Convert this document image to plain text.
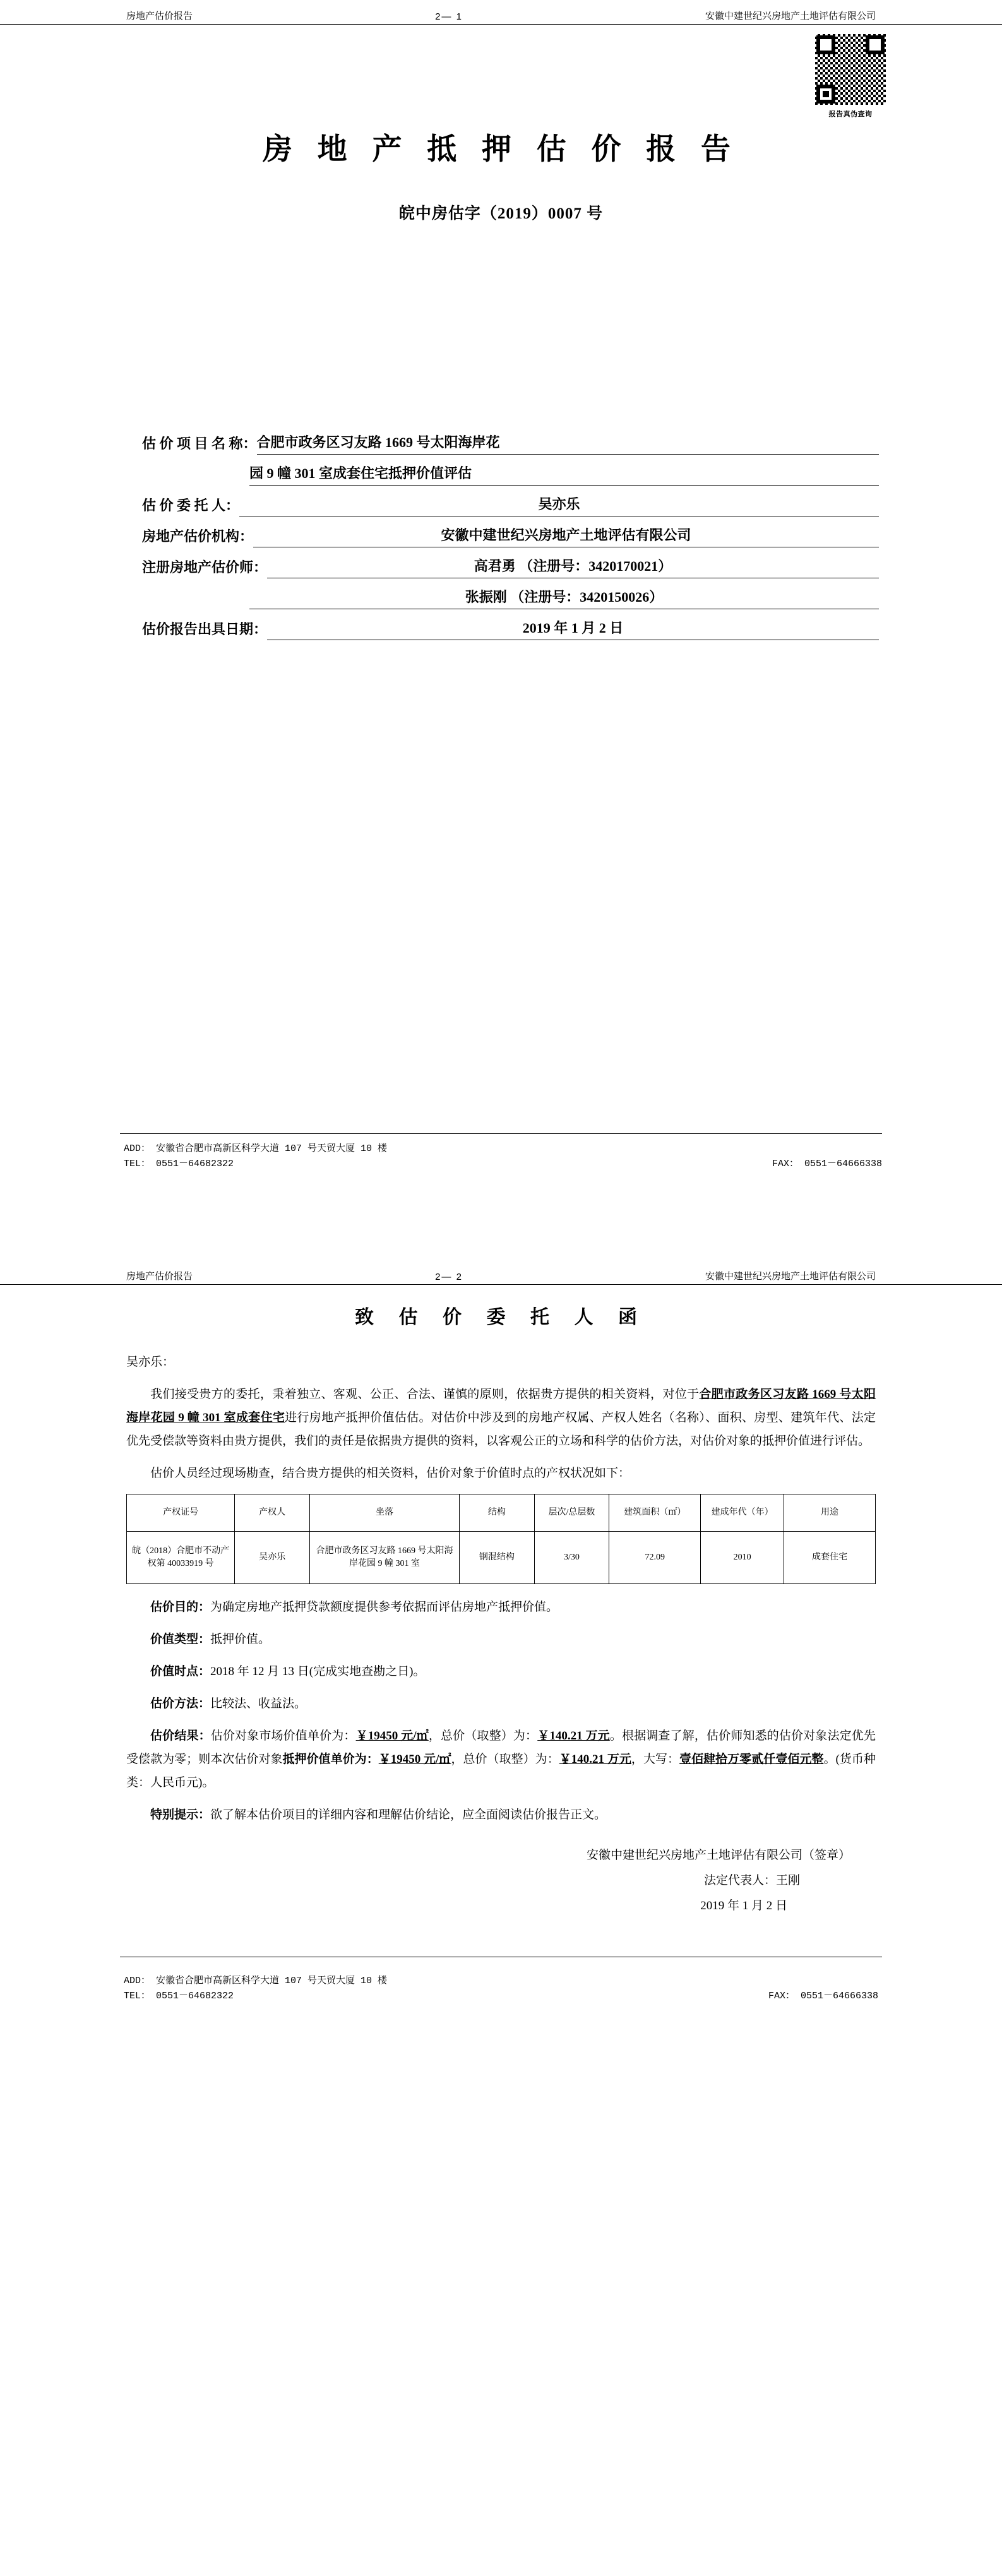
房地产估价报告	2— 1	安徽中建世纪兴房地产土地评估有限公司
报告真伪查询
房 地 产 抵 押 估 价 报 告
皖中房估字（2019）0007 号
估 价 项 目 名 称： 合肥市政务区习友路 1669 号太阳海岸花
园 9 幢 301 室成套住宅抵押价值评估
估 价 委 托 人：	吴亦乐
房地产估价机构：	安徽中建世纪兴房地产土地评估有限公司
注册房地产估价师：	高君勇 （注册号：3420170021）
张振刚 （注册号：3420150026）
估价报告出具日期：	2019 年 1 月 2 日
ADD： 安徽省合肥市高新区科学大道 107 号天贸大厦 10 楼
TEL： 0551－64682322	FAX： 0551－64666338
房地产估价报告	2— 2	安徽中建世纪兴房地产土地评估有限公司
致 估 价 委 托 人 函

吴亦乐：

我们接受贵方的委托，秉着独立、客观、公正、合法、谨慎的原则，依据贵方提供的相关资料，对位于合肥市政务区习友路 1669 号太阳海岸花园 9 幢 301 室成套住宅进行房地产抵押价值估估。对估价中涉及到的房地产权属、产权人姓名（名称）、面积、房型、建筑年代、法定优先受偿款等资料由贵方提供，我们的责任是依据贵方提供的资料，以客观公正的立场和科学的估价方法，对估价对象的抵押价值进行评估。

估价人员经过现场勘查，结合贵方提供的相关资料，估价对象于价值时点的产权状况如下：

产权证号	产权人	坐落	结构	层次/总层数	建筑面积（㎡）	建成年代（年）	用途
皖（2018）合肥市不动产权第 40033919 号	吴亦乐	合肥市政务区习友路 1669 号太阳海岸花园 9 幢 301 室	钢混结构	3/30	72.09	2010	成套住宅

估价目的：为确定房地产抵押贷款额度提供参考依据而评估房地产抵押价值。

价值类型：抵押价值。

价值时点：2018 年 12 月 13 日(完成实地查勘之日)。

估价方法：比较法、收益法。

估价结果：估价对象市场价值单价为：￥19450 元/㎡，总价（取整）为：￥140.21 万元。根据调查了解，估价师知悉的估价对象法定优先受偿款为零；则本次估价对象抵押价值单价为：￥19450 元/㎡，总价（取整）为：￥140.21 万元，大写：壹佰肆拾万零贰仟壹佰元整。(货币种类：人民币元)。

特别提示：欲了解本估价项目的详细内容和理解估价结论，应全面阅读估价报告正文。

安徽中建世纪兴房地产土地评估有限公司（签章）
法定代表人：王刚
2019 年 1 月 2 日
ADD： 安徽省合肥市高新区科学大道 107 号天贸大厦 10 楼
TEL： 0551－64682322	FAX： 0551－64666338
